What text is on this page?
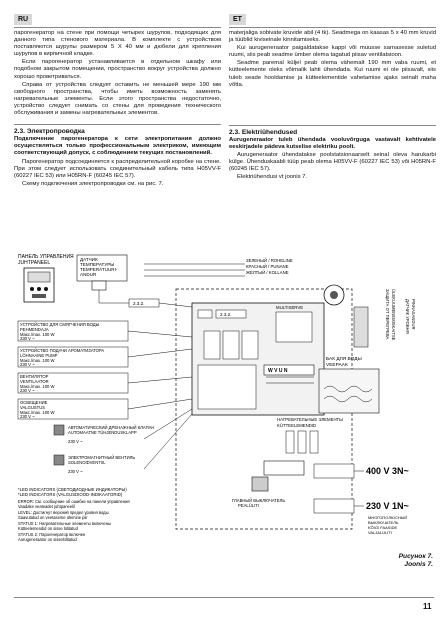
RU	ET

парогенератор на стене при помощи четырех шурупов, подходящих для данного типа стенового материала. В комплекте с устройством поставляются шурупы размером 5 Х 40 мм и дюбели для крепления шурупов в кирпичной кладке.

Если парогенератор устанавливается в отдельном шкафу или подобном закрытом помещении, пространство вокруг устройства должно хорошо проветриваться.

Справа от устройства следует оставить не меньшей мере 190 мм свободного пространства, чтобы иметь возможность заменять нагревательные элементы. Если этого пространства недостаточно, устройство следует снимать со стены для проведения технического обслуживания и замены нагревательных элементов.

2.3. Электропроводка

Подключение парогенератора к сети электропитания должно осуществляться только профессиональным электриком, имеющим соответствующий допуск, с соблюдением текущих постановлений.

Парогенератор подсоединяется к распределительной коробке на стене. При этом следует использовать соединительный кабель типа H05VV-F (60227 IEC 53) или H05RN-F (60245 IEC 57).

Схему подключения электропроводки см. на рис. 7.

materjaliga sobivate kruvide abil (4 tk). Seadmega on kaasas 5 x 40 mm kruvid ja tüüblid kiviseinale kinnitamiseks.

Kui aurugeneraator paigaldatakse kappi või muusse sarnasesse suletud ruumi, siis peab seadme ümber olema tagatud piisav ventilatsioon.

Seadme paremal küljel peab olema vähemalt 190 mm vaba ruumi, et kütteelemente oleks võimalik lahti ühendada. Kui ruumi ei ole piisavalt, siis tuleb seade hooldamise ja kütteelementide vahetamise ajaks seinalt maha võtta.

2.3. Elektriühendused

Aurugeneraator tuleb ühendada vooluvõrguga vastavalt kehtivatele eeskirjadele pädeva kutselise elektriku poolt.

Aurugeneraator ühendatakse poolstatsionaarselt seinal oleva harukarbi külge. Ühenduskaabli tüüp peab olema H05VV-F (60227 IEC 53) või H05RN-F (60245 IEC 57).

Elektriühendusi vt joonis 7.

ПАНЕЛЬ УПРАВЛЕНИЯ
JUHTPANEEL
ДАТЧИК
ТЕМПЕРАТУРЫ
TEMPERATUURI-
ANDUR
ЗЕЛЕНЫЙ / ROHELINE
КРАСНЫЙ / PUNANE
ЖЕЛТЫЙ / KOLLANE
2.3.2.
MULTISERVE
W V U N
2.3.2.
УСТРОЙСТВО ДЛЯ СМЯГЧЕНИЯ ВОДЫ
PEHMENDAJA
Макс./max. 100 W
230 V ~
УСТРОЙСТВО ПОДАЧИ АРОМАТИЗАТОРА
LÕHNAAINE PUMP
Макс./max. 100 W
230 V ~
ВЕНТИЛЯТОР
VENTILAATOR
Макс./max. 100 W
230 V ~
ОСВЕЩЕНИЕ
VALGUSTUS
Макс./max. 100 W
230 V ~
АВТОМАТИЧЕСКИЙ ДРЕНАЖНЫЙ КЛАПАН
AUTOMAATNE TÜHJENDUSKLAPP
230 V ~
ЭЛЕКТРОМАГНИТНЫЙ ВЕНТИЛЬ
SOLENOIDVENTIIL
230 V ~
ЗАЩИТА ОТ ПЕРЕГРЕВА ÜLEKUUMENEMISKAITSE ДАТЧИК УРОВНЯ PINNASANDUR
БАК ДЛЯ ВОДЫ
VEEPAAK
НАГРЕВАТЕЛЬНЫЕ ЭЛЕМЕНТЫ
KÜTTEELEMENDID
ГЛАВНЫЙ ВЫКЛЮЧАТЕЛЬ
PEALÜLITI
400 V 3N~
230 V 1N~
МНОГОПОЛЮСНЫЙ
ВЫКЛЮЧАТЕЛЬ
KÕIGI FAASIDE
VALJALÜLITI
*LED INDICATORS (СВЕТОДИОДНЫЕ ИНДИКАТОРЫ)
*LED INDICATORS (VALGUSDIOOD-INDIKAATORID)
ERROR: См. сообщение об ошибке на панели управления
Vaadake veateadet juhtpaneelil
LEVEL: Достигнут верхний предел уровня воды
Saavutatud on veetaseme ülemine piir
STATUS 1: Нагревательные элементы включены
Kütteelemendid on sisse lülitatud
STATUS 2: Парогенератор включен
Aurugeneraator on sisselülitatud
Рисунок 7.
Joonis 7.
11
